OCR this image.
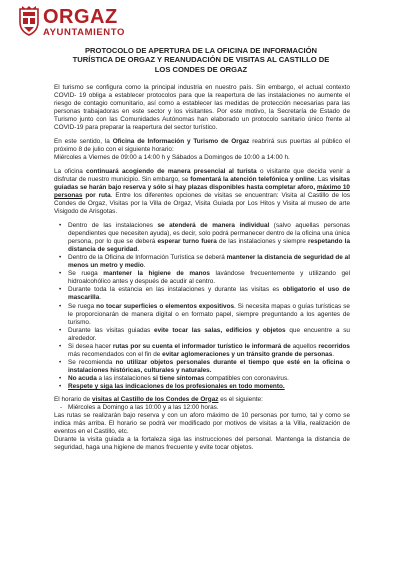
ORGAZ
AYUNTAMIENTO
PROTOCOLO DE APERTURA DE LA OFICINA DE INFORMACIÓN
TURÍSTICA DE ORGAZ Y REANUDACIÓN DE VISITAS AL CASTILLO DE
LOS CONDES DE ORGAZ

El turismo se configura como la principal industria en nuestro país. Sin embargo, el actual contexto COVID- 19 obliga a establecer protocolos para que la reapertura de las instalaciones no aumente el riesgo de contagio comunitario, así como a establecer las medidas de protección necesarias para las personas trabajadoras en este sector y los visitantes. Por este motivo, la Secretaría de Estado de Turismo junto con las Comunidades Autónomas han elaborado un protocolo sanitario único frente al COVID-19 para preparar la reapertura del sector turístico.

En este sentido, la Oficina de Información y Turismo de Orgaz reabrirá sus puertas al público el próximo 8 de julio con el siguiente horario:
Miércoles a Viernes de 09:00 a 14:00 h y Sábados a Domingos de 10:00 a 14:00 h.

La oficina continuará acogiendo de manera presencial al turista o visitante que decida venir a disfrutar de nuestro municipio. Sin embargo, se fomentará la atención telefónica y online. Las visitas guiadas se harán bajo reserva y sólo si hay plazas disponibles hasta completar aforo, máximo 10 personas por ruta. Entre los diferentes opciones de visitas se encuentran: Visita al Castillo de los Condes de Orgaz, Visitas por la Villa de Orgaz, Visita Guiada por Los Hitos y Visita al museo de arte Visigodo de Arisgotas.

• Dentro de las instalaciones se atenderá de manera individual (salvo aquellas personas dependientes que necesiten ayuda), es decir, solo podrá permanecer dentro de la oficina una única persona, por lo que se deberá esperar turno fuera de las instalaciones y siempre respetando la distancia de seguridad.
• Dentro de la Oficina de Información Turística se deberá mantener la distancia de seguridad de al menos un metro y medio.
• Se ruega mantener la higiene de manos lavándose frecuentemente y utilizando gel hidroalcohólico antes y después de acudir al centro.
• Durante toda la estancia en las instalaciones y durante las visitas es obligatorio el uso de mascarilla.
• Se ruega no tocar superficies o elementos expositivos. Si necesita mapas o guías turísticas se le proporcionarán de manera digital o en formato papel, siempre preguntando a los agentes de turismo.
• Durante las visitas guiadas evite tocar las salas, edificios y objetos que encuentre a su alrededor.
• Si desea hacer rutas por su cuenta el informador turístico le informará de aquellos recorridos más recomendados con el fin de evitar aglomeraciones y un tránsito grande de personas.
• Se recomienda no utilizar objetos personales durante el tiempo que esté en la oficina o instalaciones históricas, culturales y naturales.
• No acuda a las instalaciones si tiene síntomas compatibles con coronavirus.
• Respete y siga las indicaciones de los profesionales en todo momento.

El horario de visitas al Castillo de los Condes de Orgaz es el siguiente:

- Miércoles a Domingo a las 10:00 y a las 12:00 horas.

Las rutas se realizarán bajo reserva y con un aforo máximo de 10 personas por turno, tal y como se indica más arriba. El horario se podrá ver modificado por motivos de visitas a la Villa, realización de eventos en el Castillo, etc.

Durante la visita guiada a la fortaleza siga las instrucciones del personal. Mantenga la distancia de seguridad, haga una higiene de manos frecuente y evite tocar objetos.
